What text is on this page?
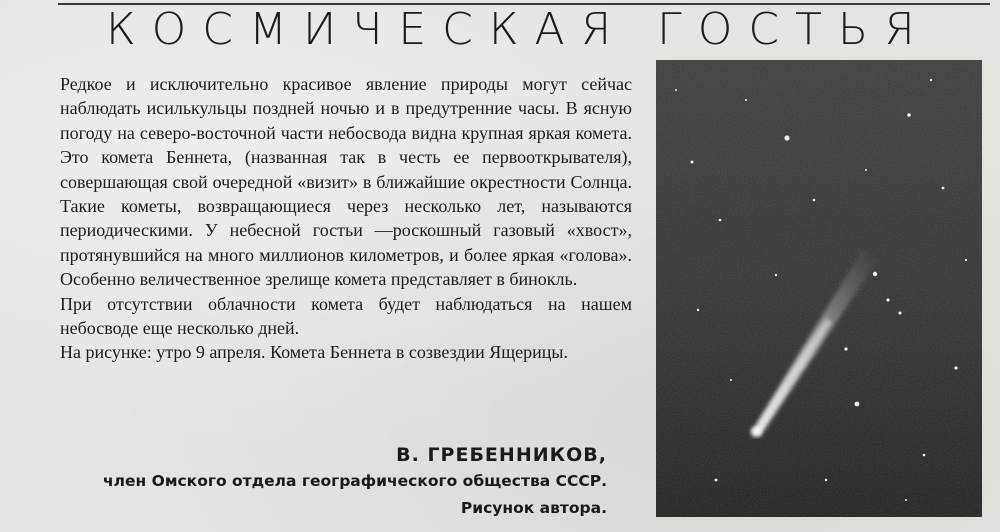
КОСМИЧЕСКАЯ ГОСТЬЯ

Редкое и исключительно красивое явление природы могут сейчас наблюдать исилькульцы поздней ночью и в предутренние часы. В ясную погоду на северо-восточной части небосвода видна крупная яркая комета. Это комета Беннета, (названная так в честь ее первооткрывателя), совершающая свой очередной «визит» в ближайшие окрестности Солнца. Такие кометы, возвращающиеся через несколько лет, называются периодическими. У небесной гостьи —роскошный газовый «хвост», протянувшийся на много миллионов километров, и более яркая «голова». Особенно величественное зрелище комета представляет в бинокль.

При отсутствии облачности комета будет наблюдаться на нашем небосводе еще несколько дней.

На рисунке: утро 9 апреля. Комета Беннета в созвездии Ящерицы.

В. ГРЕБЕННИКОВ,
член Омского отдела географического общества СССР.
Рисунок автора.
